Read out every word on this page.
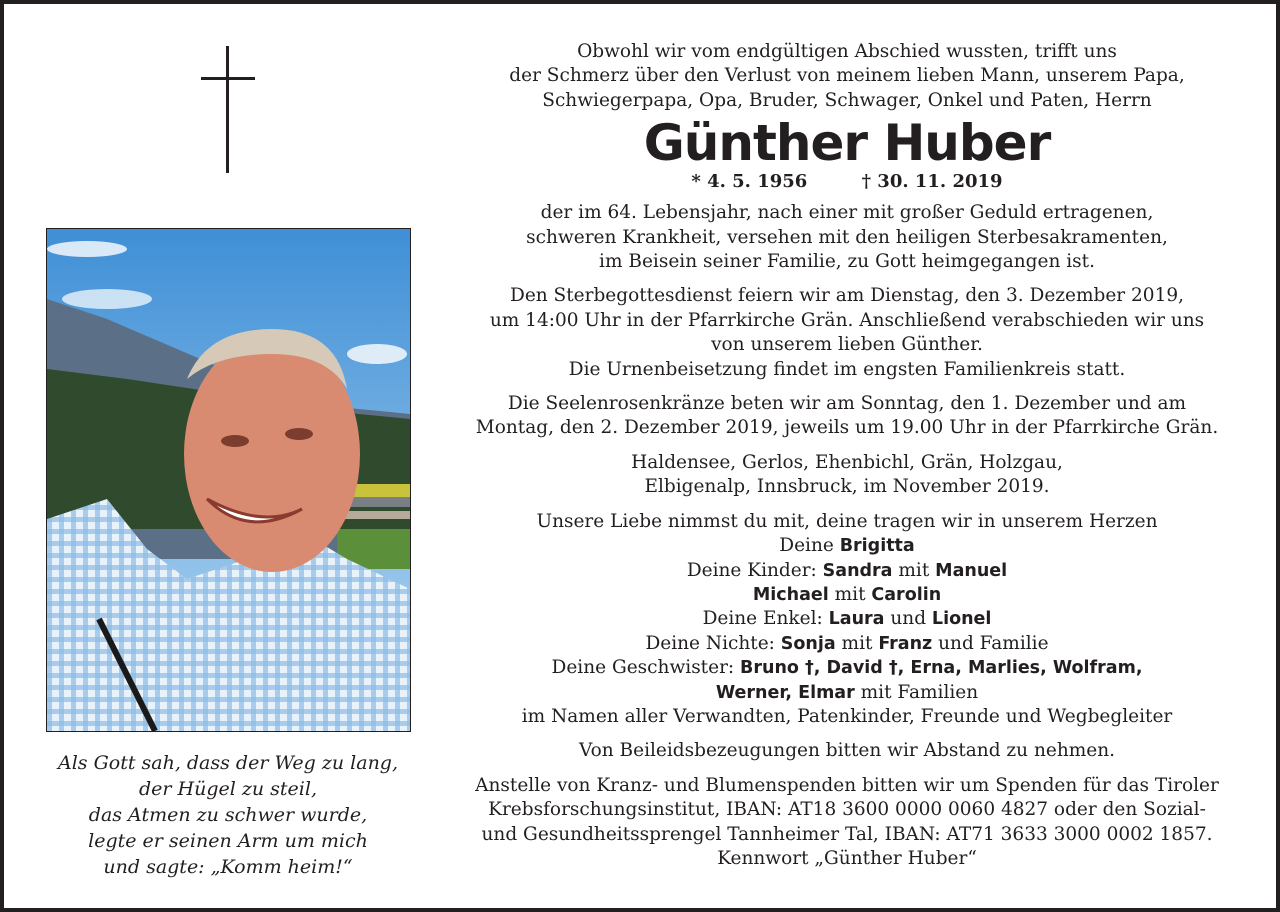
Als Gott sah, dass der Weg zu lang,
der Hügel zu steil,
das Atmen zu schwer wurde,
legte er seinen Arm um mich
und sagte: „Komm heim!“
Obwohl wir vom endgültigen Abschied wussten, trifft uns
der Schmerz über den Verlust von meinem lieben Mann, unserem Papa,
Schwiegerpapa, Opa, Bruder, Schwager, Onkel und Paten, Herrn
Günther Huber
* 4. 5. 1956	† 30. 11. 2019
der im 64. Lebensjahr, nach einer mit großer Geduld ertragenen,
schweren Krankheit, versehen mit den heiligen Sterbesakramenten,
im Beisein seiner Familie, zu Gott heimgegangen ist.
Den Sterbegottesdienst feiern wir am Dienstag, den 3. Dezember 2019,
um 14:00 Uhr in der Pfarrkirche Grän. Anschließend verabschieden wir uns
von unserem lieben Günther.
Die Urnenbeisetzung findet im engsten Familienkreis statt.
Die Seelenrosenkränze beten wir am Sonntag, den 1. Dezember und am
Montag, den 2. Dezember 2019, jeweils um 19.00 Uhr in der Pfarrkirche Grän.
Haldensee, Gerlos, Ehenbichl, Grän, Holzgau,
Elbigenalp, Innsbruck, im November 2019.
Unsere Liebe nimmst du mit, deine tragen wir in unserem Herzen
Deine Brigitta
Deine Kinder: Sandra mit Manuel
Michael mit Carolin
Deine Enkel: Laura und Lionel
Deine Nichte: Sonja mit Franz und Familie
Deine Geschwister: Bruno †, David †, Erna, Marlies, Wolfram,
Werner, Elmar mit Familien
im Namen aller Verwandten, Patenkinder, Freunde und Wegbegleiter
Von Beileidsbezeugungen bitten wir Abstand zu nehmen.
Anstelle von Kranz- und Blumenspenden bitten wir um Spenden für das Tiroler
Krebsforschungsinstitut, IBAN: AT18 3600 0000 0060 4827 oder den Sozial-
und Gesundheitssprengel Tannheimer Tal, IBAN: AT71 3633 3000 0002 1857.
Kennwort „Günther Huber“
